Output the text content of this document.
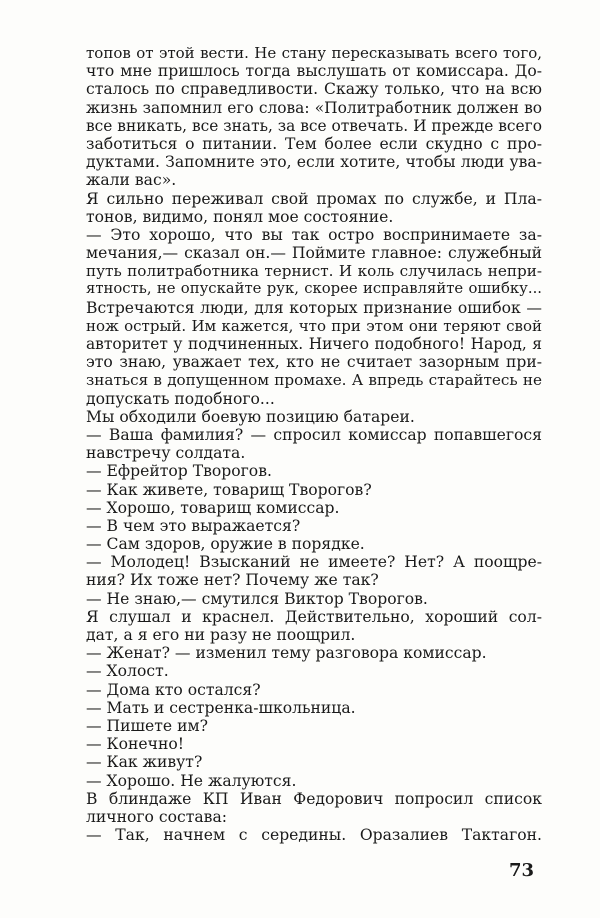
топов от этой вести. Не стану пересказывать всего того,
что мне пришлось тогда выслушать от комиссара. До-
сталось по справедливости. Скажу только, что на всю
жизнь запомнил его слова: «Политработник должен во
все вникать, все знать, за все отвечать. И прежде всего
заботиться о питании. Тем более если скудно с про-
дуктами. Запомните это, если хотите, чтобы люди ува-
жали вас».
Я сильно переживал свой промах по службе, и Пла-
тонов, видимо, понял мое состояние.
— Это хорошо, что вы так остро воспринимаете за-
мечания,— сказал он.— Поймите главное: служебный
путь политработника тернист. И коль случилась непри-
ятность, не опускайте рук, скорее исправляйте ошибку...
Встречаются люди, для которых признание ошибок —
нож острый. Им кажется, что при этом они теряют свой
авторитет у подчиненных. Ничего подобного! Народ, я
это знаю, уважает тех, кто не считает зазорным при-
знаться в допущенном промахе. А впредь старайтесь не
допускать подобного...
Мы обходили боевую позицию батареи.
— Ваша фамилия? — спросил комиссар попавшегося
навстречу солдата.
— Ефрейтор Творогов.
— Как живете, товарищ Творогов?
— Хорошо, товарищ комиссар.
— В чем это выражается?
— Сам здоров, оружие в порядке.
— Молодец! Взысканий не имеете? Нет? А поощре-
ния? Их тоже нет? Почему же так?
— Не знаю,— смутился Виктор Творогов.
Я слушал и краснел. Действительно, хороший сол-
дат, а я его ни разу не поощрил.
— Женат? — изменил тему разговора комиссар.
— Холост.
— Дома кто остался?
— Мать и сестренка-школьница.
— Пишете им?
— Конечно!
— Как живут?
— Хорошо. Не жалуются.
В блиндаже КП Иван Федорович попросил список
личного состава:
— Так, начнем с середины. Оразалиев Тактагон.
73
